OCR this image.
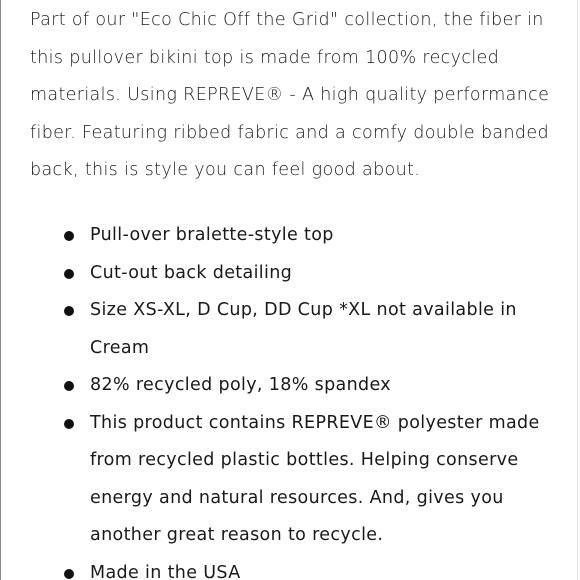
Part of our "Eco Chic Off the Grid" collection, the fiber in this pullover bikini top is made from 100% recycled materials. Using REPREVE® - A high quality performance fiber. Featuring ribbed fabric and a comfy double banded back, this is style you can feel good about.

Pull-over bralette-style top
Cut-out back detailing
Size XS-XL, D Cup, DD Cup *XL not available in Cream
82% recycled poly, 18% spandex
This product contains REPREVE® polyester made from recycled plastic bottles. Helping conserve energy and natural resources. And, gives you another great reason to recycle.
Made in the USA
